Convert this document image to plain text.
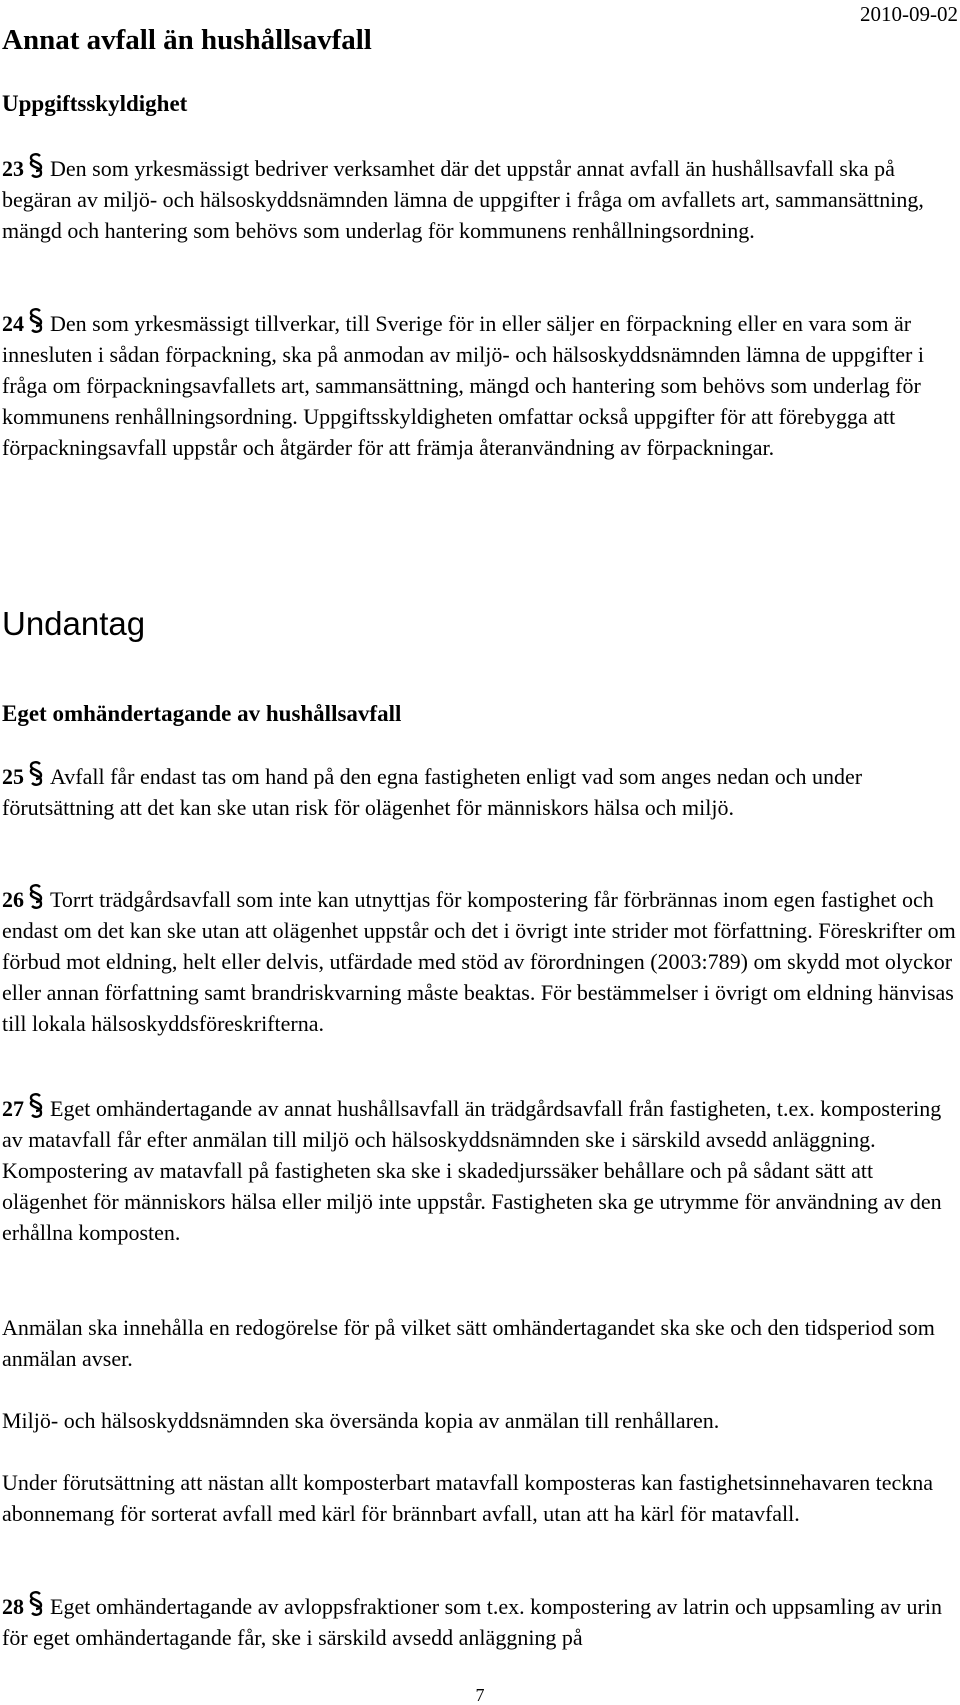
2010-09-02
Annat avfall än hushållsavfall
Uppgiftsskyldighet

23 Den som yrkesmässigt bedriver verksamhet där det uppstår annat avfall än hushållsavfall ska på begäran av miljö- och hälsoskyddsnämnden lämna de uppgifter i fråga om avfallets art, sammansättning, mängd och hantering som behövs som underlag för kommunens renhållningsordning.

24 Den som yrkesmässigt tillverkar, till Sverige för in eller säljer en förpackning eller en vara som är innesluten i sådan förpackning, ska på anmodan av miljö- och hälsoskyddsnämnden lämna de uppgifter i fråga om förpackningsavfallets art, sammansättning, mängd och hantering som behövs som underlag för kommunens renhållningsordning. Uppgiftsskyldigheten omfattar också uppgifter för att förebygga att förpackningsavfall uppstår och åtgärder för att främja återanvändning av förpackningar.

Undantag
Eget omhändertagande av hushållsavfall

25 Avfall får endast tas om hand på den egna fastigheten enligt vad som anges nedan och under förutsättning att det kan ske utan risk för olägenhet för människors hälsa och miljö.

26 Torrt trädgårdsavfall som inte kan utnyttjas för kompostering får förbrännas inom egen fastighet och endast om det kan ske utan att olägenhet uppstår och det i övrigt inte strider mot författning. Föreskrifter om förbud mot eldning, helt eller delvis, utfärdade med stöd av förordningen (2003:789) om skydd mot olyckor eller annan författning samt brandriskvarning måste beaktas. För bestämmelser i övrigt om eldning hänvisas till lokala hälsoskyddsföreskrifterna.

27 Eget omhändertagande av annat hushållsavfall än trädgårdsavfall från fastigheten, t.ex. kompostering av matavfall får efter anmälan till miljö och hälsoskyddsnämnden ske i särskild avsedd anläggning. Kompostering av matavfall på fastigheten ska ske i skadedjurssäker behållare och på sådant sätt att olägenhet för människors hälsa eller miljö inte uppstår. Fastigheten ska ge utrymme för användning av den erhållna komposten.

Anmälan ska innehålla en redogörelse för på vilket sätt omhändertagandet ska ske och den tidsperiod som anmälan avser.

Miljö- och hälsoskyddsnämnden ska översända kopia av anmälan till renhållaren.

Under förutsättning att nästan allt komposterbart matavfall komposteras kan fastighetsinnehavaren teckna abonnemang för sorterat avfall med kärl för brännbart avfall, utan att ha kärl för matavfall.

28 Eget omhändertagande av avloppsfraktioner som t.ex. kompostering av latrin och uppsamling av urin för eget omhändertagande får, ske i särskild avsedd anläggning på

7
